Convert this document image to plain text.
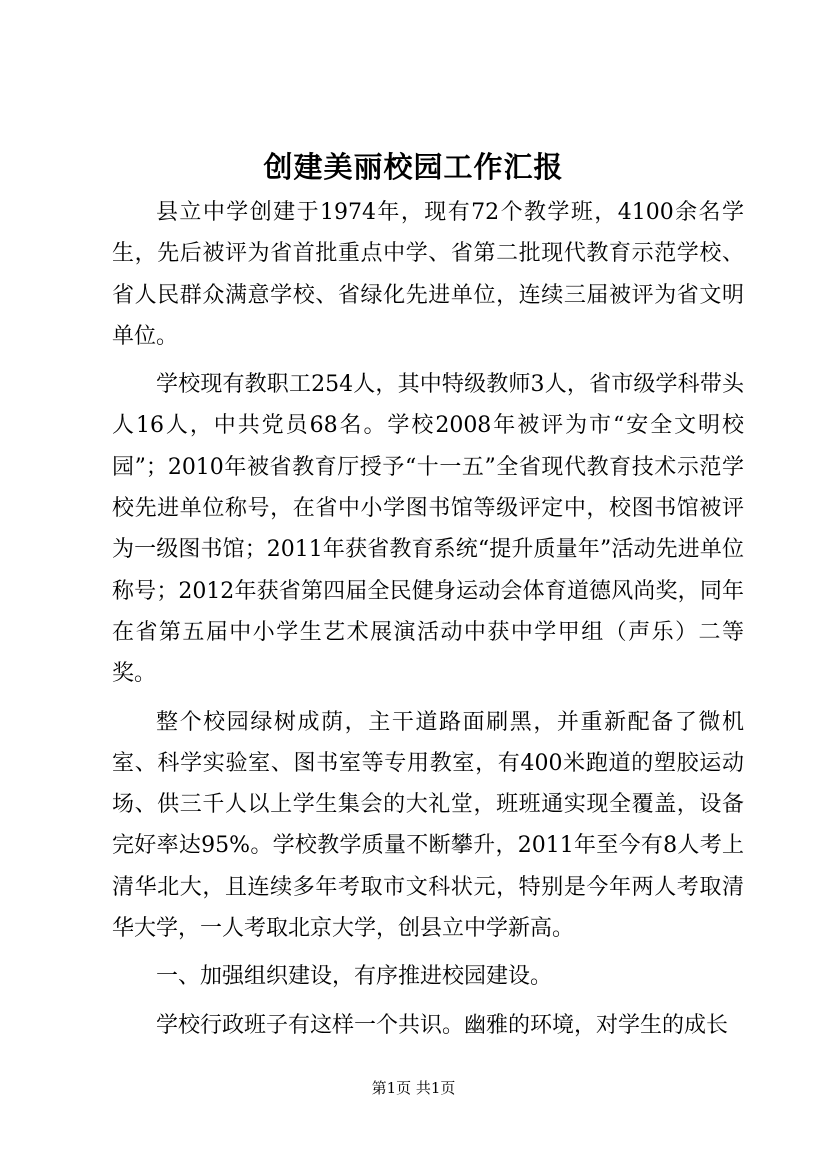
创建美丽校园工作汇报

县立中学创建于1974年，现有72个教学班，4100余名学生，先后被评为省首批重点中学、省第二批现代教育示范学校、省人民群众满意学校、省绿化先进单位，连续三届被评为省文明单位。

学校现有教职工254人，其中特级教师3人，省市级学科带头人16人，中共党员68名。学校2008年被评为市“安全文明校园”；2010年被省教育厅授予“十一五”全省现代教育技术示范学校先进单位称号，在省中小学图书馆等级评定中，校图书馆被评为一级图书馆；2011年获省教育系统“提升质量年”活动先进单位称号；2012年获省第四届全民健身运动会体育道德风尚奖，同年在省第五届中小学生艺术展演活动中获中学甲组（声乐）二等奖。

整个校园绿树成荫，主干道路面刷黑，并重新配备了微机室、科学实验室、图书室等专用教室，有400米跑道的塑胶运动场、供三千人以上学生集会的大礼堂，班班通实现全覆盖，设备完好率达95%。学校教学质量不断攀升，2011年至今有8人考上清华北大，且连续多年考取市文科状元，特别是今年两人考取清华大学，一人考取北京大学，创县立中学新高。

一、加强组织建设，有序推进校园建设。

学校行政班子有这样一个共识。幽雅的环境，对学生的成长

第1页 共1页
